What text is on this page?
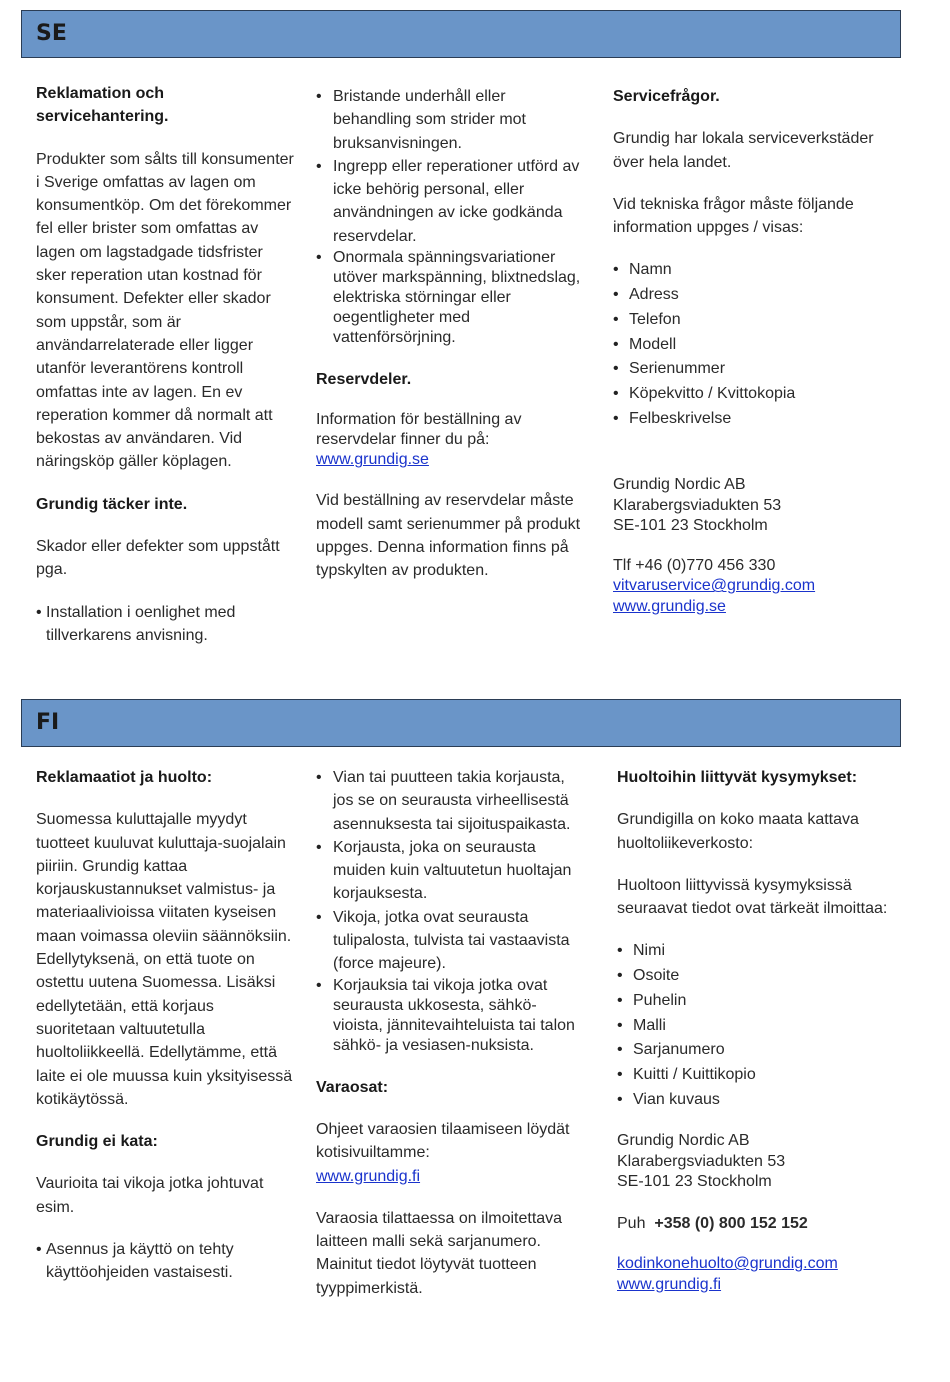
SE

Reklamation och
servicehantering.

Produkter som sålts till konsumenter i Sverige omfattas av lagen om konsumentköp. Om det förekommer fel eller brister som omfattas av lagen om lagstadgade tidsfrister sker reperation utan kostnad för konsument. Defekter eller skador som uppstår, som är användarrelaterade eller ligger utanför leverantörens kontroll omfattas inte av lagen. En ev reperation kommer då normalt att bekostas av användaren. Vid näringsköp gäller köplagen.

Grundig täcker inte.

Skador eller defekter som uppstått pga.

• Installation i oenlighet med tillverkarens anvisning.
• Bristande underhåll eller behandling som strider mot bruksanvisningen.
• Ingrepp eller reperationer utförd av icke behörig personal, eller användningen av icke godkända reservdelar.
• Onormala spänningsvariationer utöver markspänning, blixtnedslag, elektriska störningar eller oegentligheter med vattenförsörjning.

Reservdeler.

Information för beställning av reservdelar finner du på:
www.grundig.se

Vid beställning av reservdelar måste modell samt serienummer på produkt uppges. Denna information finns på typskylten av produkten.

Servicefrågor.

Grundig har lokala serviceverkstäder över hela landet.

Vid tekniska frågor måste följande information uppges / visas:

• Namn
• Adress
• Telefon
• Modell
• Serienummer
• Köpekvitto / Kvittokopia
• Felbeskrivelse
Grundig Nordic AB
Klarabergsviadukten 53
SE-101 23 Stockholm
Tlf +46 (0)770 456 330
vitvaruservice@grundig.com
www.grundig.se
FI

Reklamaatiot ja huolto:

Suomessa kuluttajalle myydyt tuotteet kuuluvat kuluttaja-suojalain piiriin. Grundig kattaa korjauskustannukset valmistus- ja materiaalivioissa viitaten kyseisen maan voimassa oleviin säännöksiin. Edellytyksenä, on että tuote on ostettu uutena Suomessa. Lisäksi edellytetään, että korjaus suoritetaan valtuutetulla huoltoliikkeellä. Edellytämme, että laite ei ole muussa kuin yksityisessä kotikäytössä.

Grundig ei kata:

Vaurioita tai vikoja jotka johtuvat esim.

• Asennus ja käyttö on tehty käyttöohjeiden vastaisesti.
• Vian tai puutteen takia korjausta, jos se on seurausta virheellisestä asennuksesta tai sijoituspaikasta.
• Korjausta, joka on seurausta muiden kuin valtuutetun huoltajan korjauksesta.
• Vikoja, jotka ovat seurausta tulipalosta, tulvista tai vastaavista (force majeure).
• Korjauksia tai vikoja jotka ovat seurausta ukkosesta, sähkö-vioista, jännitevaihteluista tai talon sähkö- ja vesiasen-nuksista.

Varaosat:

Ohjeet varaosien tilaamiseen löydät kotisivuiltamme:
www.grundig.fi

Varaosia tilattaessa on ilmoitettava laitteen malli sekä sarjanumero. Mainitut tiedot löytyvät tuotteen tyyppimerkistä.

Huoltoihin liittyvät kysymykset:

Grundigilla on koko maata kattava huoltoliikeverkosto:

Huoltoon liittyvissä kysymyksissä seuraavat tiedot ovat tärkeät ilmoittaa:

• Nimi
• Osoite
• Puhelin
• Malli
• Sarjanumero
• Kuitti / Kuittikopio
• Vian kuvaus
Grundig Nordic AB
Klarabergsviadukten 53
SE-101 23 Stockholm

Puh +358 (0) 800 152 152

kodinkonehuolto@grundig.com
www.grundig.fi
